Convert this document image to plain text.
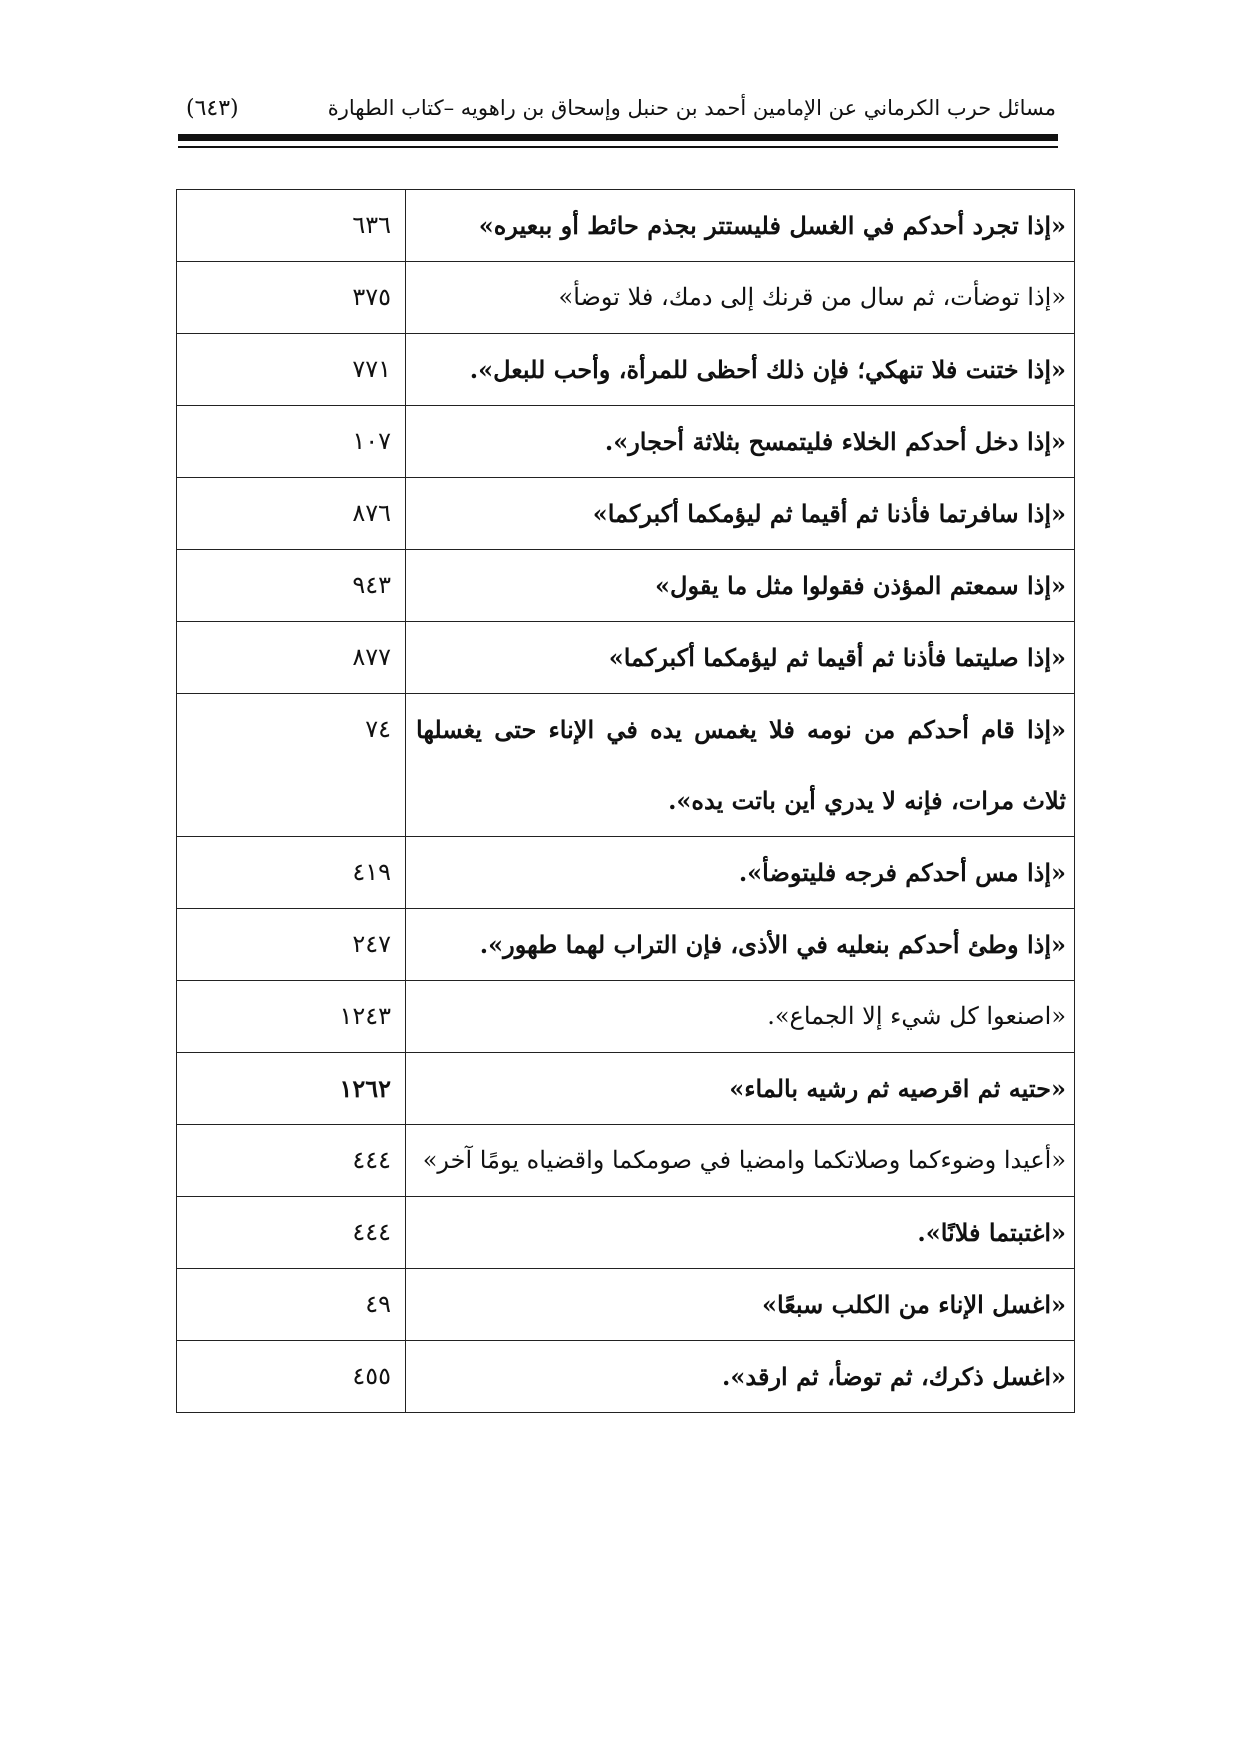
مسائل حرب الكرماني عن الإمامين أحمد بن حنبل وإسحاق بن راهويه –كتاب الطهارة
(٦٤٣)
«إذا تجرد أحدكم في الغسل فليستتر بجذم حائط أو ببعيره»	٦٣٦
«إذا توضأت، ثم سال من قرنك إلى دمك، فلا توضأ»	٣٧٥
«إذا ختنت فلا تنهكي؛ فإن ذلك أحظى للمرأة، وأحب للبعل».	٧٧١
«إذا دخل أحدكم الخلاء فليتمسح بثلاثة أحجار».	١٠٧
«إذا سافرتما فأذنا ثم أقيما ثم ليؤمكما أكبركما»	٨٧٦
«إذا سمعتم المؤذن فقولوا مثل ما يقول»	٩٤٣
«إذا صليتما فأذنا ثم أقيما ثم ليؤمكما أكبركما»	٨٧٧
«إذا قام أحدكم من نومه فلا يغمس يده في الإناء حتى يغسلها ثلاث مرات، فإنه لا يدري أين باتت يده».	٧٤
«إذا مس أحدكم فرجه فليتوضأ».	٤١٩
«إذا وطئ أحدكم بنعليه في الأذى، فإن التراب لهما طهور».	٢٤٧
«اصنعوا كل شيء إلا الجماع».	١٢٤٣
«حتيه ثم اقرصيه ثم رشيه بالماء»	١٢٦٢
«أعيدا وضوءكما وصلاتكما وامضيا في صومكما واقضياه يومًا آخر»	٤٤٤
«اغتبتما فلانًا».	٤٤٤
«اغسل الإناء من الكلب سبعًا»	٤٩
«اغسل ذكرك، ثم توضأ، ثم ارقد».	٤٥٥
